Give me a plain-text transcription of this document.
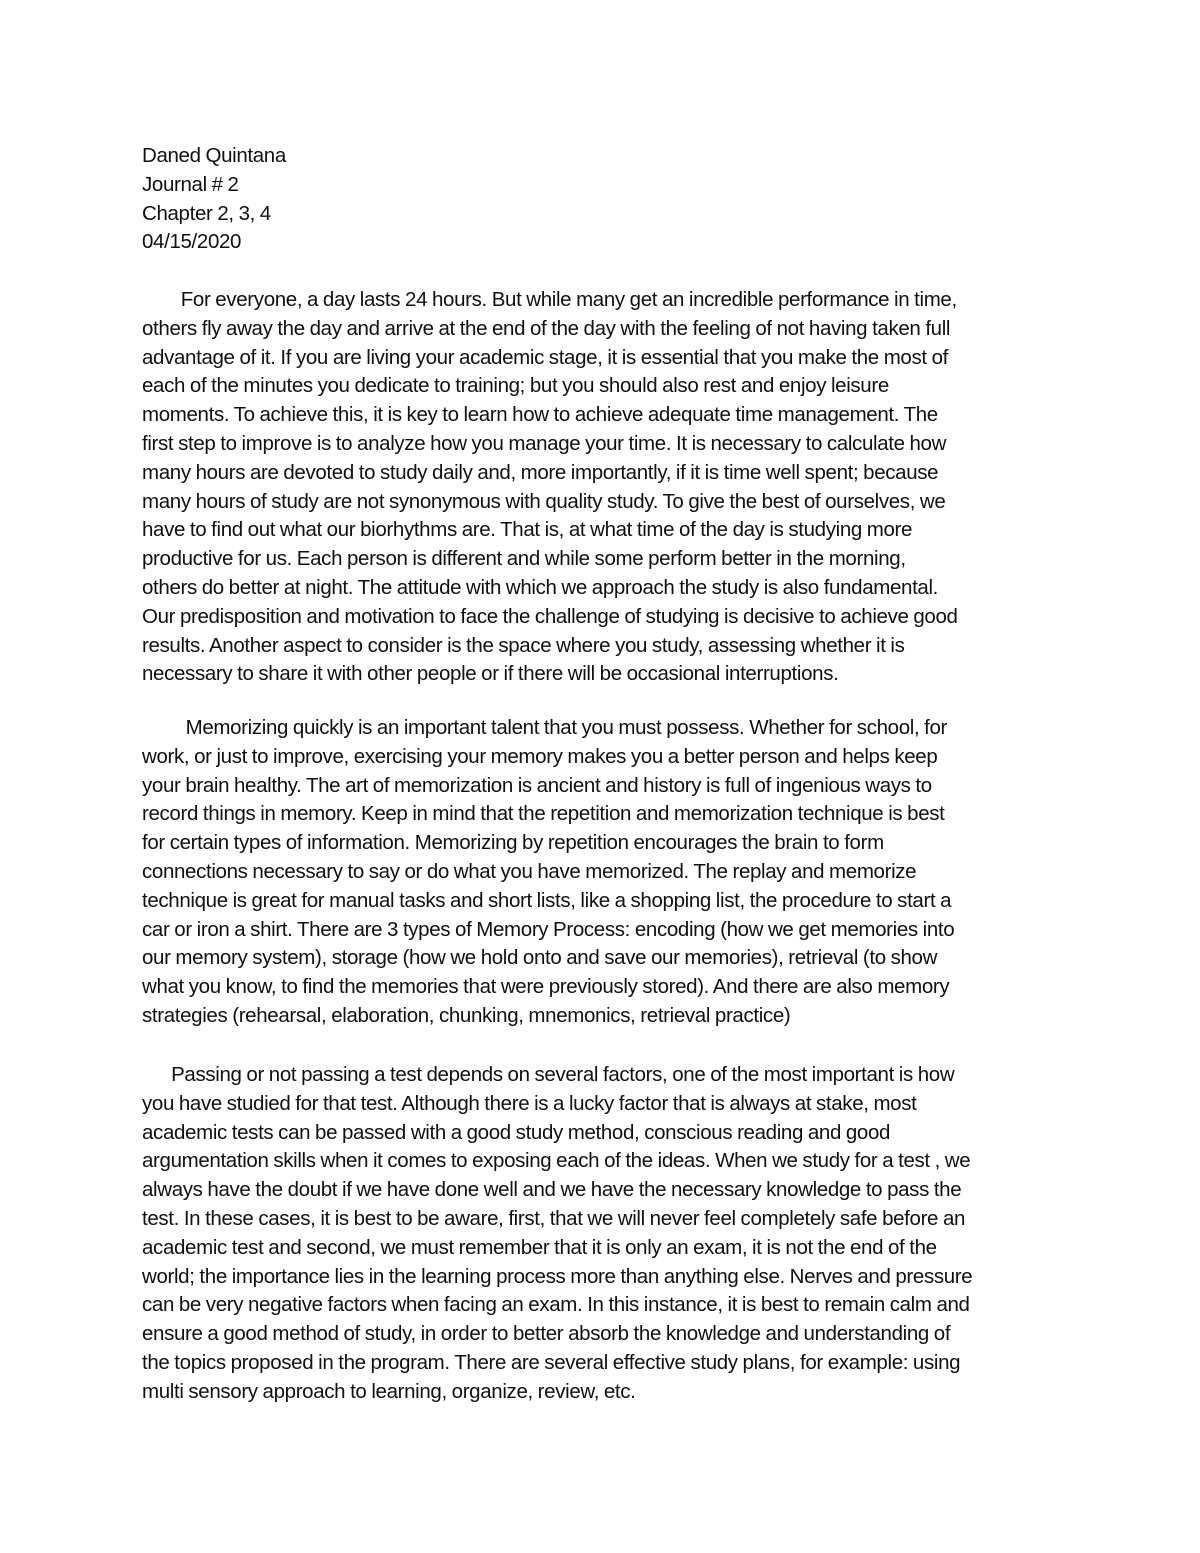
Daned Quintana
Journal # 2
Chapter 2, 3, 4
04/15/2020
For everyone, a day lasts 24 hours. But while many get an incredible performance in time,
others fly away the day and arrive at the end of the day with the feeling of not having taken full
advantage of it. If you are living your academic stage, it is essential that you make the most of
each of the minutes you dedicate to training; but you should also rest and enjoy leisure
moments. To achieve this, it is key to learn how to achieve adequate time management. The
first step to improve is to analyze how you manage your time. It is necessary to calculate how
many hours are devoted to study daily and, more importantly, if it is time well spent; because
many hours of study are not synonymous with quality study. To give the best of ourselves, we
have to find out what our biorhythms are. That is, at what time of the day is studying more
productive for us. Each person is different and while some perform better in the morning,
others do better at night. The attitude with which we approach the study is also fundamental.
Our predisposition and motivation to face the challenge of studying is decisive to achieve good
results. Another aspect to consider is the space where you study, assessing whether it is
necessary to share it with other people or if there will be occasional interruptions.
Memorizing quickly is an important talent that you must possess. Whether for school, for
work, or just to improve, exercising your memory makes you a better person and helps keep
your brain healthy. The art of memorization is ancient and history is full of ingenious ways to
record things in memory. Keep in mind that the repetition and memorization technique is best
for certain types of information. Memorizing by repetition encourages the brain to form
connections necessary to say or do what you have memorized. The replay and memorize
technique is great for manual tasks and short lists, like a shopping list, the procedure to start a
car or iron a shirt. There are 3 types of Memory Process: encoding (how we get memories into
our memory system), storage (how we hold onto and save our memories), retrieval (to show
what you know, to find the memories that were previously stored). And there are also memory
strategies (rehearsal, elaboration, chunking, mnemonics, retrieval practice)
Passing or not passing a test depends on several factors, one of the most important is how
you have studied for that test. Although there is a lucky factor that is always at stake, most
academic tests can be passed with a good study method, conscious reading and good
argumentation skills when it comes to exposing each of the ideas. When we study for a test , we
always have the doubt if we have done well and we have the necessary knowledge to pass the
test. In these cases, it is best to be aware, first, that we will never feel completely safe before an
academic test and second, we must remember that it is only an exam, it is not the end of the
world; the importance lies in the learning process more than anything else. Nerves and pressure
can be very negative factors when facing an exam. In this instance, it is best to remain calm and
ensure a good method of study, in order to better absorb the knowledge and understanding of
the topics proposed in the program. There are several effective study plans, for example: using
multi sensory approach to learning, organize, review, etc.
